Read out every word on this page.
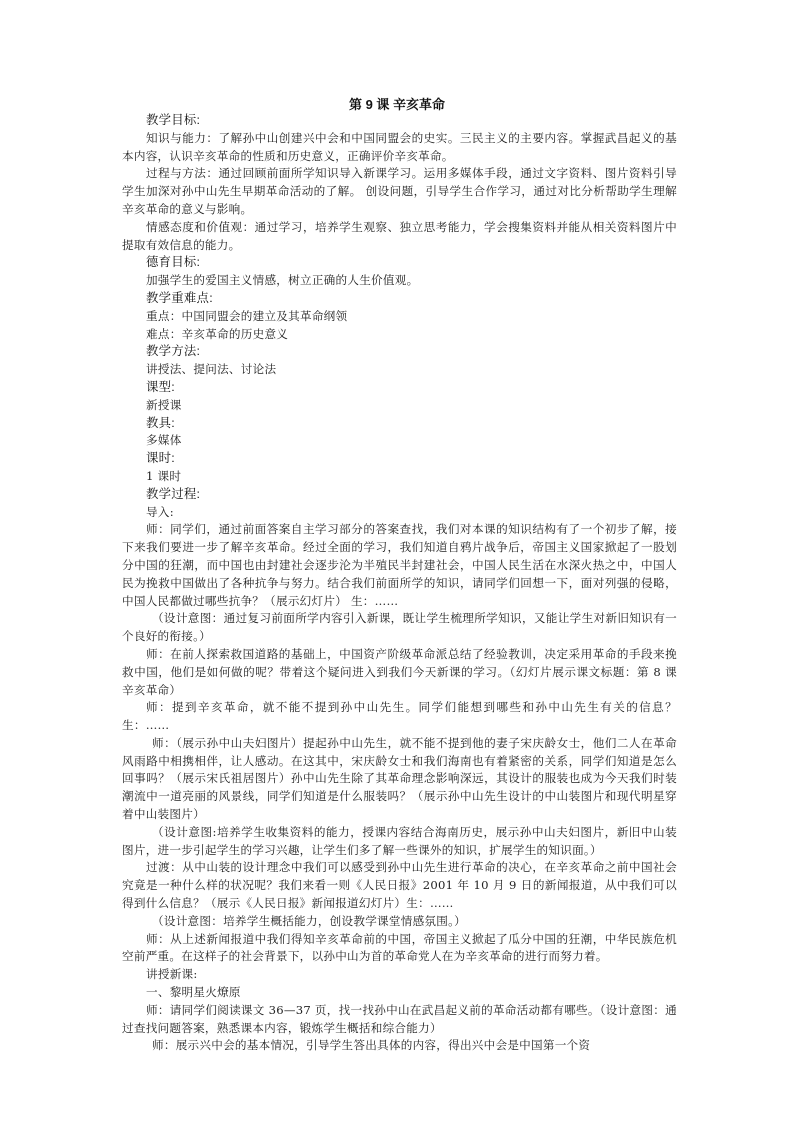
第 9 课 辛亥革命

教学目标:

知识与能力：了解孙中山创建兴中会和中国同盟会的史实。三民主义的主要内容。掌握武昌起义的基本内容，认识辛亥革命的性质和历史意义，正确评价辛亥革命。

过程与方法：通过回顾前面所学知识导入新课学习。运用多媒体手段，通过文字资料、图片资料引导学生加深对孙中山先生早期革命活动的了解。 创设问题，引导学生合作学习，通过对比分析帮助学生理解辛亥革命的意义与影响。

情感态度和价值观：通过学习，培养学生观察、独立思考能力，学会搜集资料并能从相关资料图片中提取有效信息的能力。

德育目标:

加强学生的爱国主义情感，树立正确的人生价值观。

教学重难点:

重点：中国同盟会的建立及其革命纲领

难点：辛亥革命的历史意义

教学方法:

讲授法、提问法、讨论法

课型:

新授课

教具:

多媒体

课时:

1 课时

教学过程:

导入:

师：同学们，通过前面答案自主学习部分的答案查找，我们对本课的知识结构有了一个初步了解，接下来我们要进一步了解辛亥革命。经过全面的学习，我们知道自鸦片战争后，帝国主义国家掀起了一股划分中国的狂潮，而中国也由封建社会逐步沦为半殖民半封建社会，中国人民生活在水深火热之中，中国人民为挽救中国做出了各种抗争与努力。结合我们前面所学的知识，请同学们回想一下，面对列强的侵略，中国人民都做过哪些抗争？（展示幻灯片） 生：……

（设计意图：通过复习前面所学内容引入新课，既让学生梳理所学知识，又能让学生对新旧知识有一个良好的衔接。）

师：在前人探索救国道路的基础上，中国资产阶级革命派总结了经验教训，决定采用革命的手段来挽救中国，他们是如何做的呢？带着这个疑问进入到我们今天新课的学习。（幻灯片展示课文标题：第 8 课 辛亥革命）

师：提到辛亥革命，就不能不提到孙中山先生。同学们能想到哪些和孙中山先生有关的信息？ 生：……

师：（展示孙中山夫妇图片）提起孙中山先生，就不能不提到他的妻子宋庆龄女士，他们二人在革命风雨路中相携相伴，让人感动。在这其中，宋庆龄女士和我们海南也有着紧密的关系，同学们知道是怎么回事吗？（展示宋氏祖居图片）孙中山先生除了其革命理念影响深远，其设计的服装也成为今天我们时装潮流中一道亮丽的风景线，同学们知道是什么服装吗？（展示孙中山先生设计的中山装图片和现代明星穿着中山装图片）

（设计意图:培养学生收集资料的能力，授课内容结合海南历史，展示孙中山夫妇图片，新旧中山装图片，进一步引起学生的学习兴趣，让学生们多了解一些课外的知识，扩展学生的知识面。）

过渡：从中山装的设计理念中我们可以感受到孙中山先生进行革命的决心，在辛亥革命之前中国社会究竟是一种什么样的状况呢？我们来看一则《人民日报》2001 年 10 月 9 日的新闻报道，从中我们可以得到什么信息？（展示《人民日报》新闻报道幻灯片）生：……

（设计意图：培养学生概括能力，创设教学课堂情感氛围。）

师：从上述新闻报道中我们得知辛亥革命前的中国，帝国主义掀起了瓜分中国的狂潮，中华民族危机空前严重。在这样子的社会背景下，以孙中山为首的革命党人在为辛亥革命的进行而努力着。

讲授新课:

一、黎明星火燎原

师：请同学们阅读课文 36—37 页，找一找孙中山在武昌起义前的革命活动都有哪些。（设计意图：通过查找问题答案，熟悉课本内容，锻炼学生概括和综合能力）

师：展示兴中会的基本情况，引导学生答出具体的内容，得出兴中会是中国第一个资
